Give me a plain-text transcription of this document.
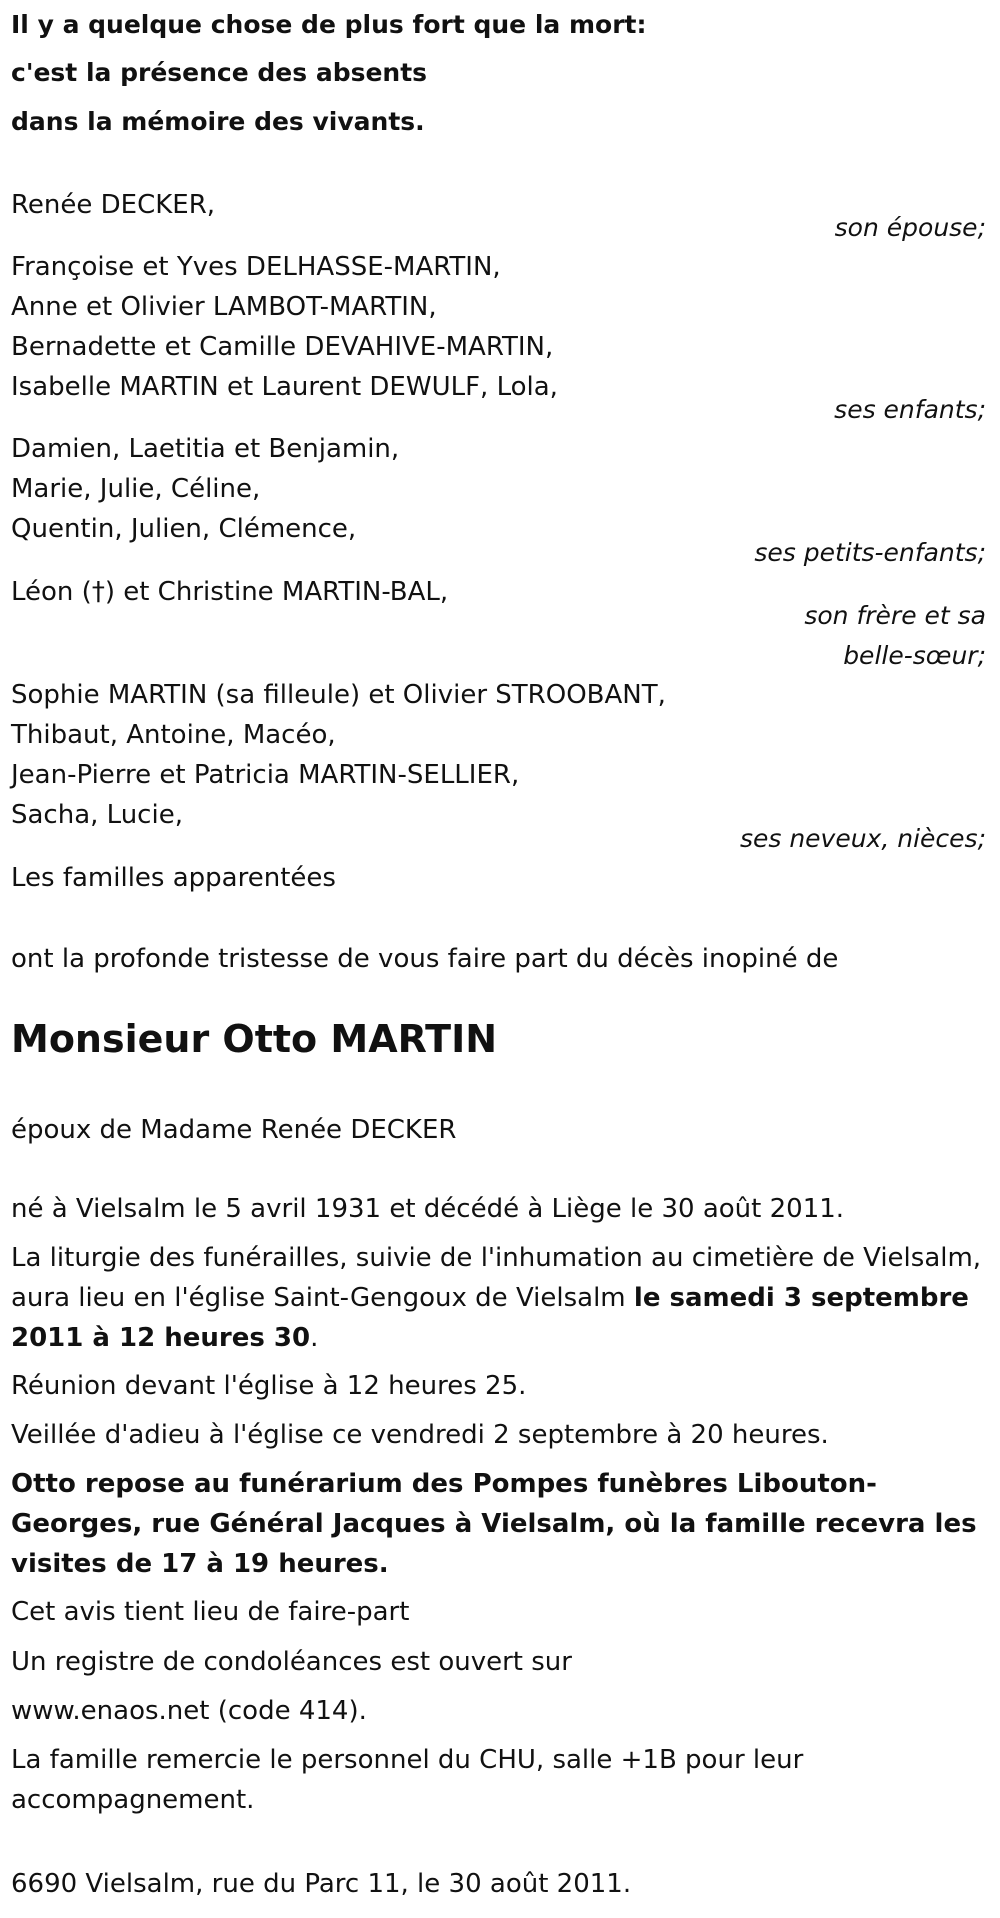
Il y a quelque chose de plus fort que la mort:
c'est la présence des absents
dans la mémoire des vivants.
Renée DECKER,
son épouse;
Françoise et Yves DELHASSE-MARTIN,
Anne et Olivier LAMBOT-MARTIN,
Bernadette et Camille DEVAHIVE-MARTIN,
Isabelle MARTIN et Laurent DEWULF, Lola,
ses enfants;
Damien, Laetitia et Benjamin,
Marie, Julie, Céline,
Quentin, Julien, Clémence,
ses petits-enfants;
Léon (†) et Christine MARTIN-BAL,
son frère et sa
belle-sœur;
Sophie MARTIN (sa filleule) et Olivier STROOBANT,
Thibaut, Antoine, Macéo,
Jean-Pierre et Patricia MARTIN-SELLIER,
Sacha, Lucie,
ses neveux, nièces;
Les familles apparentées
ont la profonde tristesse de vous faire part du décès inopiné de
Monsieur Otto MARTIN
époux de Madame Renée DECKER
né à Vielsalm le 5 avril 1931 et décédé à Liège le 30 août 2011.
La liturgie des funérailles, suivie de l'inhumation au cimetière de Vielsalm, aura lieu en l'église Saint-Gengoux de Vielsalm le samedi 3 septembre 2011 à 12 heures 30.
Réunion devant l'église à 12 heures 25.
Veillée d'adieu à l'église ce vendredi 2 septembre à 20 heures.
Otto repose au funérarium des Pompes funèbres Libouton-Georges, rue Général Jacques à Vielsalm, où la famille recevra les visites de 17 à 19 heures.
Cet avis tient lieu de faire-part
Un registre de condoléances est ouvert sur
www.enaos.net (code 414).
La famille remercie le personnel du CHU, salle +1B pour leur accompagnement.
6690 Vielsalm, rue du Parc 11, le 30 août 2011.
